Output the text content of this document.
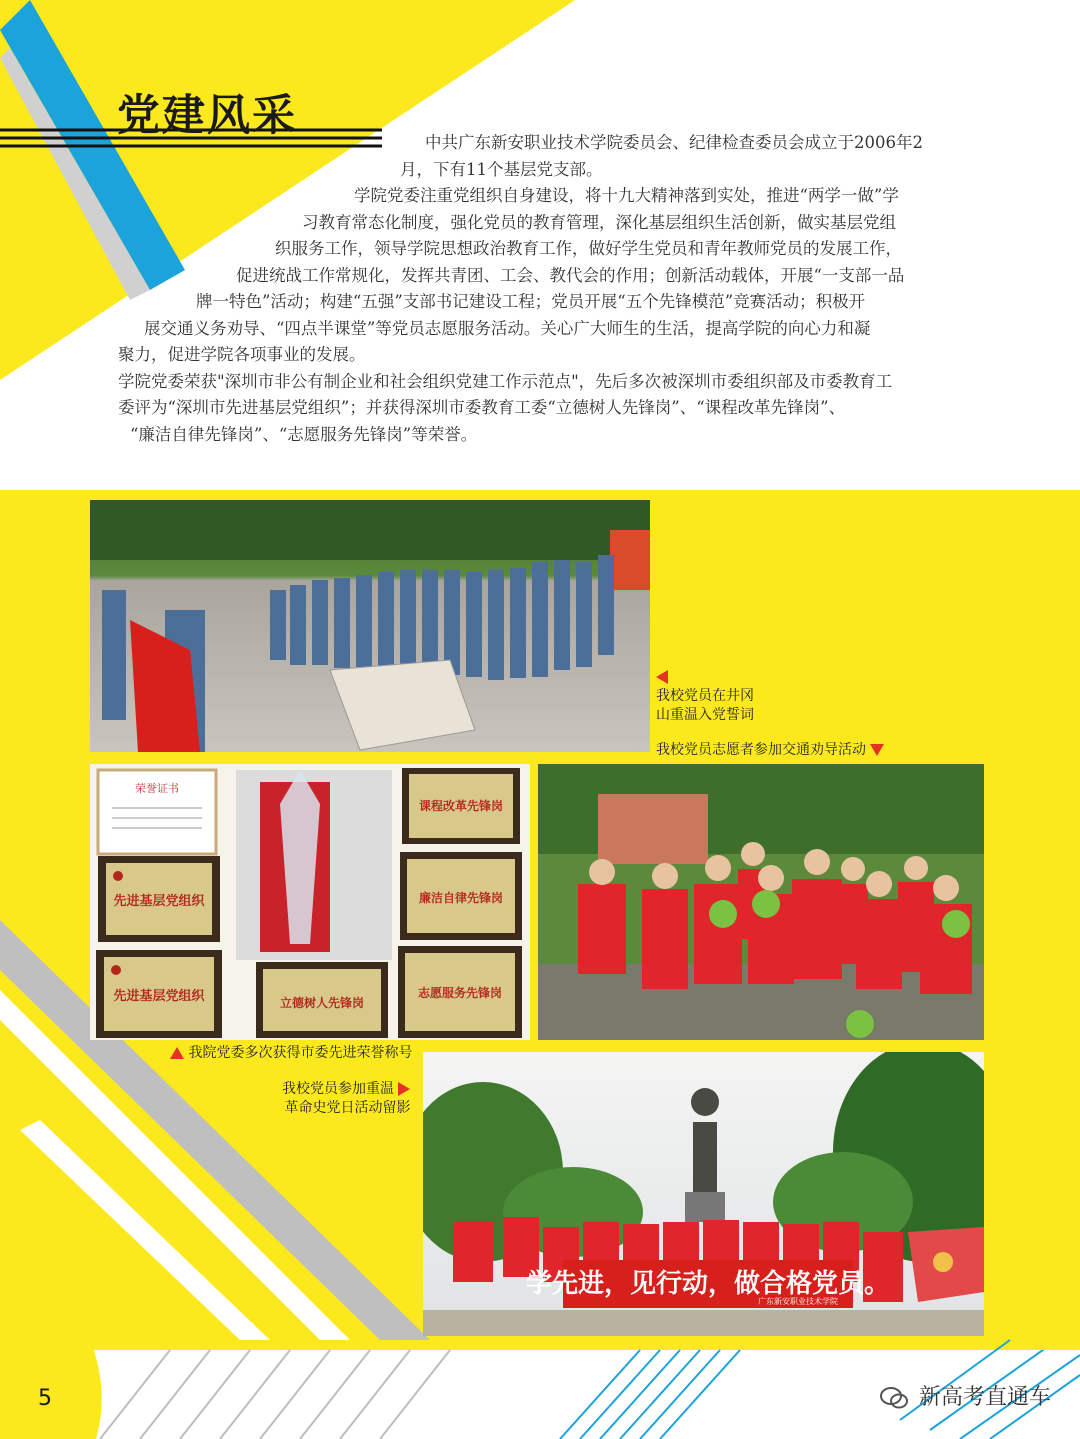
党建风采
中共广东新安职业技术学院委员会、纪律检查委员会成立于2006年2
月，下有11个基层党支部。
学院党委注重党组织自身建设，将十九大精神落到实处，推进“两学一做”学
习教育常态化制度，强化党员的教育管理，深化基层组织生活创新，做实基层党组
织服务工作，领导学院思想政治教育工作，做好学生党员和青年教师党员的发展工作，
促进统战工作常规化，发挥共青团、工会、教代会的作用；创新活动载体，开展“一支部一品
牌一特色”活动；构建“五强”支部书记建设工程；党员开展“五个先锋模范”竞赛活动；积极开
展交通义务劝导、“四点半课堂”等党员志愿服务活动。关心广大师生的生活，提高学院的向心力和凝
聚力，促进学院各项事业的发展。
学院党委荣获"深圳市非公有制企业和社会组织党建工作示范点"，先后多次被深圳市委组织部及市委教育工
委评为“深圳市先进基层党组织”；并获得深圳市委教育工委“立德树人先锋岗”、“课程改革先锋岗”、
“廉洁自律先锋岗”、“志愿服务先锋岗”等荣誉。

我校党员在井冈
山重温入党誓词
我校党员志愿者参加交通劝导活动
荣誉证书
先进基层党组织
先进基层党组织
课程改革先锋岗
廉洁自律先锋岗
立德树人先锋岗
志愿服务先锋岗
我院党委多次获得市委先进荣誉称号
我校党员参加重温
革命史党日活动留影
学先进，见行动，做合格党员。
广东新安职业技术学院
5	新高考直通车
